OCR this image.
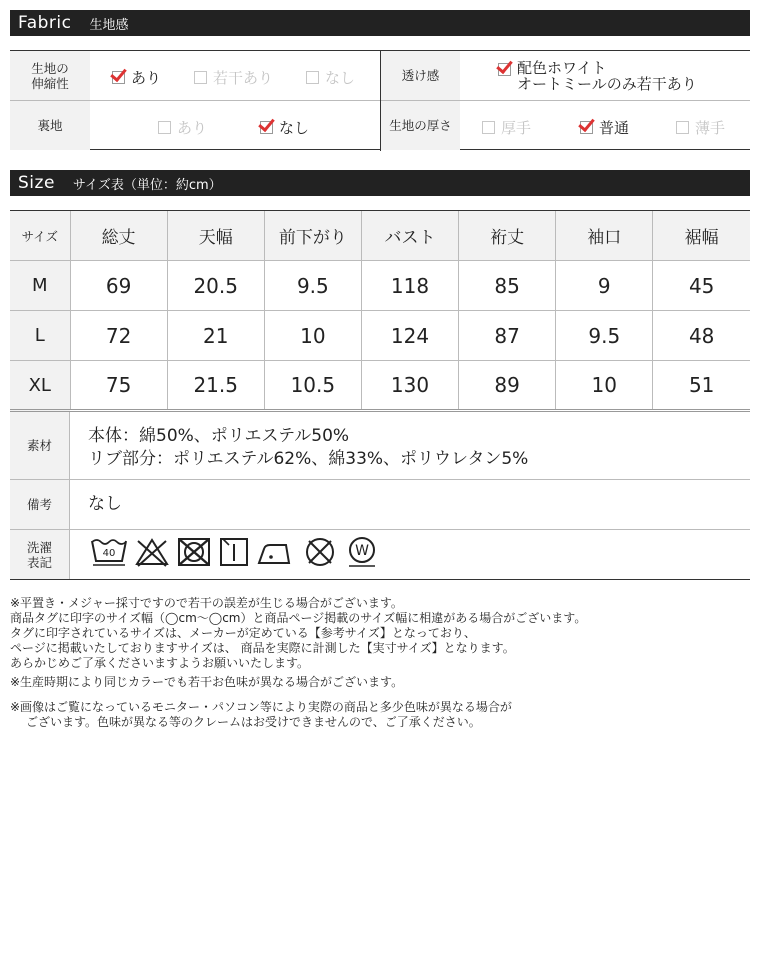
Fabric 生地感
生地の
伸縮性	あり	若干あり	なし	透け感	配色ホワイト
オートミールのみ若干あり
裏地	あり	なし	生地の厚さ	厚手	普通	薄手
Size サイズ表（単位：約cm）
サイズ	総丈	天幅	前下がり	バスト	裄丈	袖口	裾幅
M	69	20.5	9.5	118	85	9	45
L	72	21	10	124	87	9.5	48
XL	75	21.5	10.5	130	89	10	51
素材	本体：綿50%、ポリエステル50%
リブ部分：ポリエステル62%、綿33%、ポリウレタン5%
備考	なし
洗濯
表記
40	W

※平置き・メジャー採寸ですので若干の誤差が生じる場合がございます。

商品タグに印字のサイズ幅（◯cm〜◯cm）と商品ページ掲載のサイズ幅に相違がある場合がございます。

タグに印字されているサイズは、メーカーが定めている【参考サイズ】となっており、

ページに掲載いたしておりますサイズは、 商品を実際に計測した【実寸サイズ】となります。

あらかじめご了承くださいますようお願いいたします。

※生産時期により同じカラーでも若干お色味が異なる場合がございます。

※画像はご覧になっているモニター・パソコン等により実際の商品と多少色味が異なる場合が

ございます。色味が異なる等のクレームはお受けできませんので、ご了承ください。
